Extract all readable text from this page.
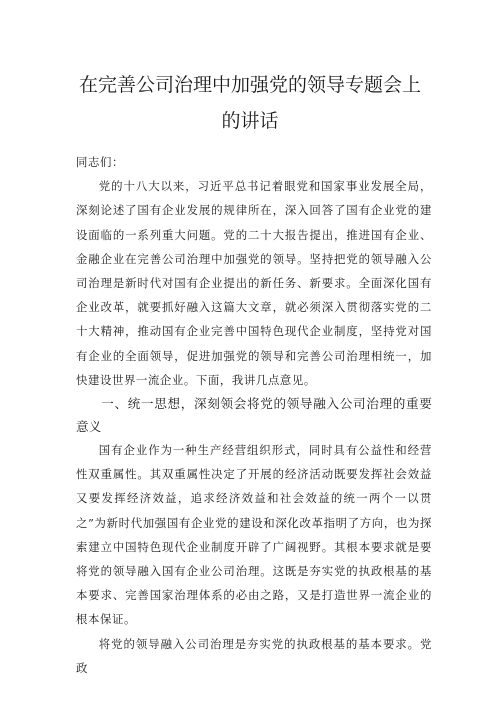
在完善公司治理中加强党的领导专题会上
的讲话

同志们：

党的十八大以来，习近平总书记着眼党和国家事业发展全局，深刻论述了国有企业发展的规律所在，深入回答了国有企业党的建设面临的一系列重大问题。党的二十大报告提出，推进国有企业、金融企业在完善公司治理中加强党的领导。坚持把党的领导融入公司治理是新时代对国有企业提出的新任务、新要求。全面深化国有企业改革，就要抓好融入这篇大文章，就必须深入贯彻落实党的二十大精神，推动国有企业完善中国特色现代企业制度，坚持党对国有企业的全面领导，促进加强党的领导和完善公司治理相统一，加快建设世界一流企业。下面，我讲几点意见。

一、统一思想，深刻领会将党的领导融入公司治理的重要意义

国有企业作为一种生产经营组织形式，同时具有公益性和经营性双重属性。其双重属性决定了开展的经济活动既要发挥社会效益又要发挥经济效益，追求经济效益和社会效益的统一两个一以贯之”为新时代加强国有企业党的建设和深化改革指明了方向，也为探索建立中国特色现代企业制度开辟了广阔视野。其根本要求就是要将党的领导融入国有企业公司治理。这既是夯实党的执政根基的基本要求、完善国家治理体系的必由之路，又是打造世界一流企业的根本保证。

将党的领导融入公司治理是夯实党的执政根基的基本要求。党政
